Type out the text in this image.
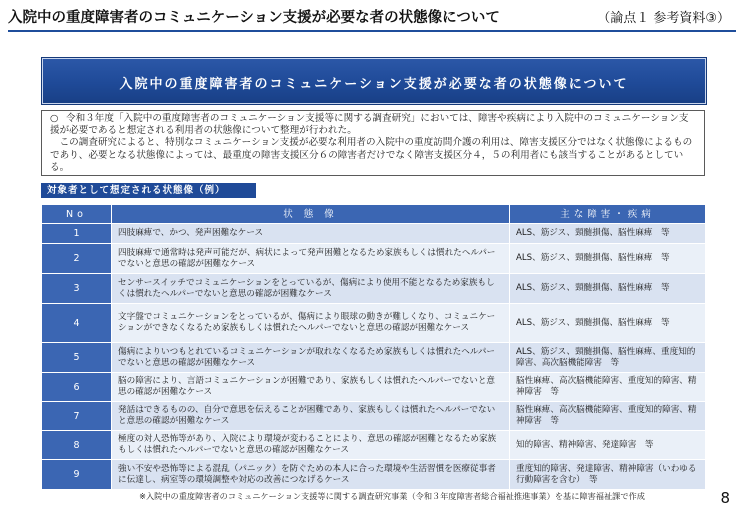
入院中の重度障害者のコミュニケーション支援が必要な者の状態像について	（論点１ 参考資料③）
入院中の重度障害者のコミュニケーション支援が必要な者の状態像について

○ 令和３年度「入院中の重度障害者のコミュニケーション支援等に関する調査研究」においては、障害や疾病により入院中のコミュニケーション支援が必要であると想定される利用者の状態像について整理が行われた。

　この調査研究によると、特別なコミュニケーション支援が必要な利用者の入院中の重度訪問介護の利用は、障害支援区分ではなく状態像によるものであり、必要となる状態像によっては、最重度の障害支援区分６の障害者だけでなく障害支援区分４，５の利用者にも該当することがあるとしている。

対象者として想定される状態像（例）
No	状 態 像	主な障害・疾病
1	四肢麻痺で、かつ、発声困難なケース	ALS、筋ジス、頸髄損傷、脳性麻痺　等
2	四肢麻痺で通常時は発声可能だが、病状によって発声困難となるため家族もしくは慣れたヘルパーでないと意思の確認が困難なケース	ALS、筋ジス、頸髄損傷、脳性麻痺　等
3	センサースイッチでコミュニケーションをとっているが、傷病により使用不能となるため家族もしくは慣れたヘルパーでないと意思の確認が困難なケース	ALS、筋ジス、頸髄損傷、脳性麻痺　等
4	文字盤でコミュニケーションをとっているが、傷病により眼球の動きが難しくなり、コミュニケーションができなくなるため家族もしくは慣れたヘルパーでないと意思の確認が困難なケース	ALS、筋ジス、頸髄損傷、脳性麻痺　等
5	傷病によりいつもとれているコミュニケーションが取れなくなるため家族もしくは慣れたヘルパーでないと意思の確認が困難なケース	ALS、筋ジス、頸髄損傷、脳性麻痺、重度知的障害、高次脳機能障害　等
6	脳の障害により、言語コミュニケーションが困難であり、家族もしくは慣れたヘルパーでないと意思の確認が困難なケース	脳性麻痺、高次脳機能障害、重度知的障害、精神障害　等
7	発話はできるものの、自分で意思を伝えることが困難であり、家族もしくは慣れたヘルパーでないと意思の確認が困難なケース	脳性麻痺、高次脳機能障害、重度知的障害、精神障害　等
8	極度の対人恐怖等があり、入院により環境が変わることにより、意思の確認が困難となるため家族もしくは慣れたヘルパーでないと意思の確認が困難なケース	知的障害、精神障害、発達障害　等
9	強い不安や恐怖等による混乱（パニック）を防ぐための本人に合った環境や生活習慣を医療従事者に伝達し、病室等の環境調整や対応の改善につなげるケース	重度知的障害、発達障害、精神障害（いわゆる行動障害を含む）　等
※入院中の重度障害者のコミュニケーション支援等に関する調査研究事業（令和３年度障害者総合福祉推進事業）を基に障害福祉課で作成	8
